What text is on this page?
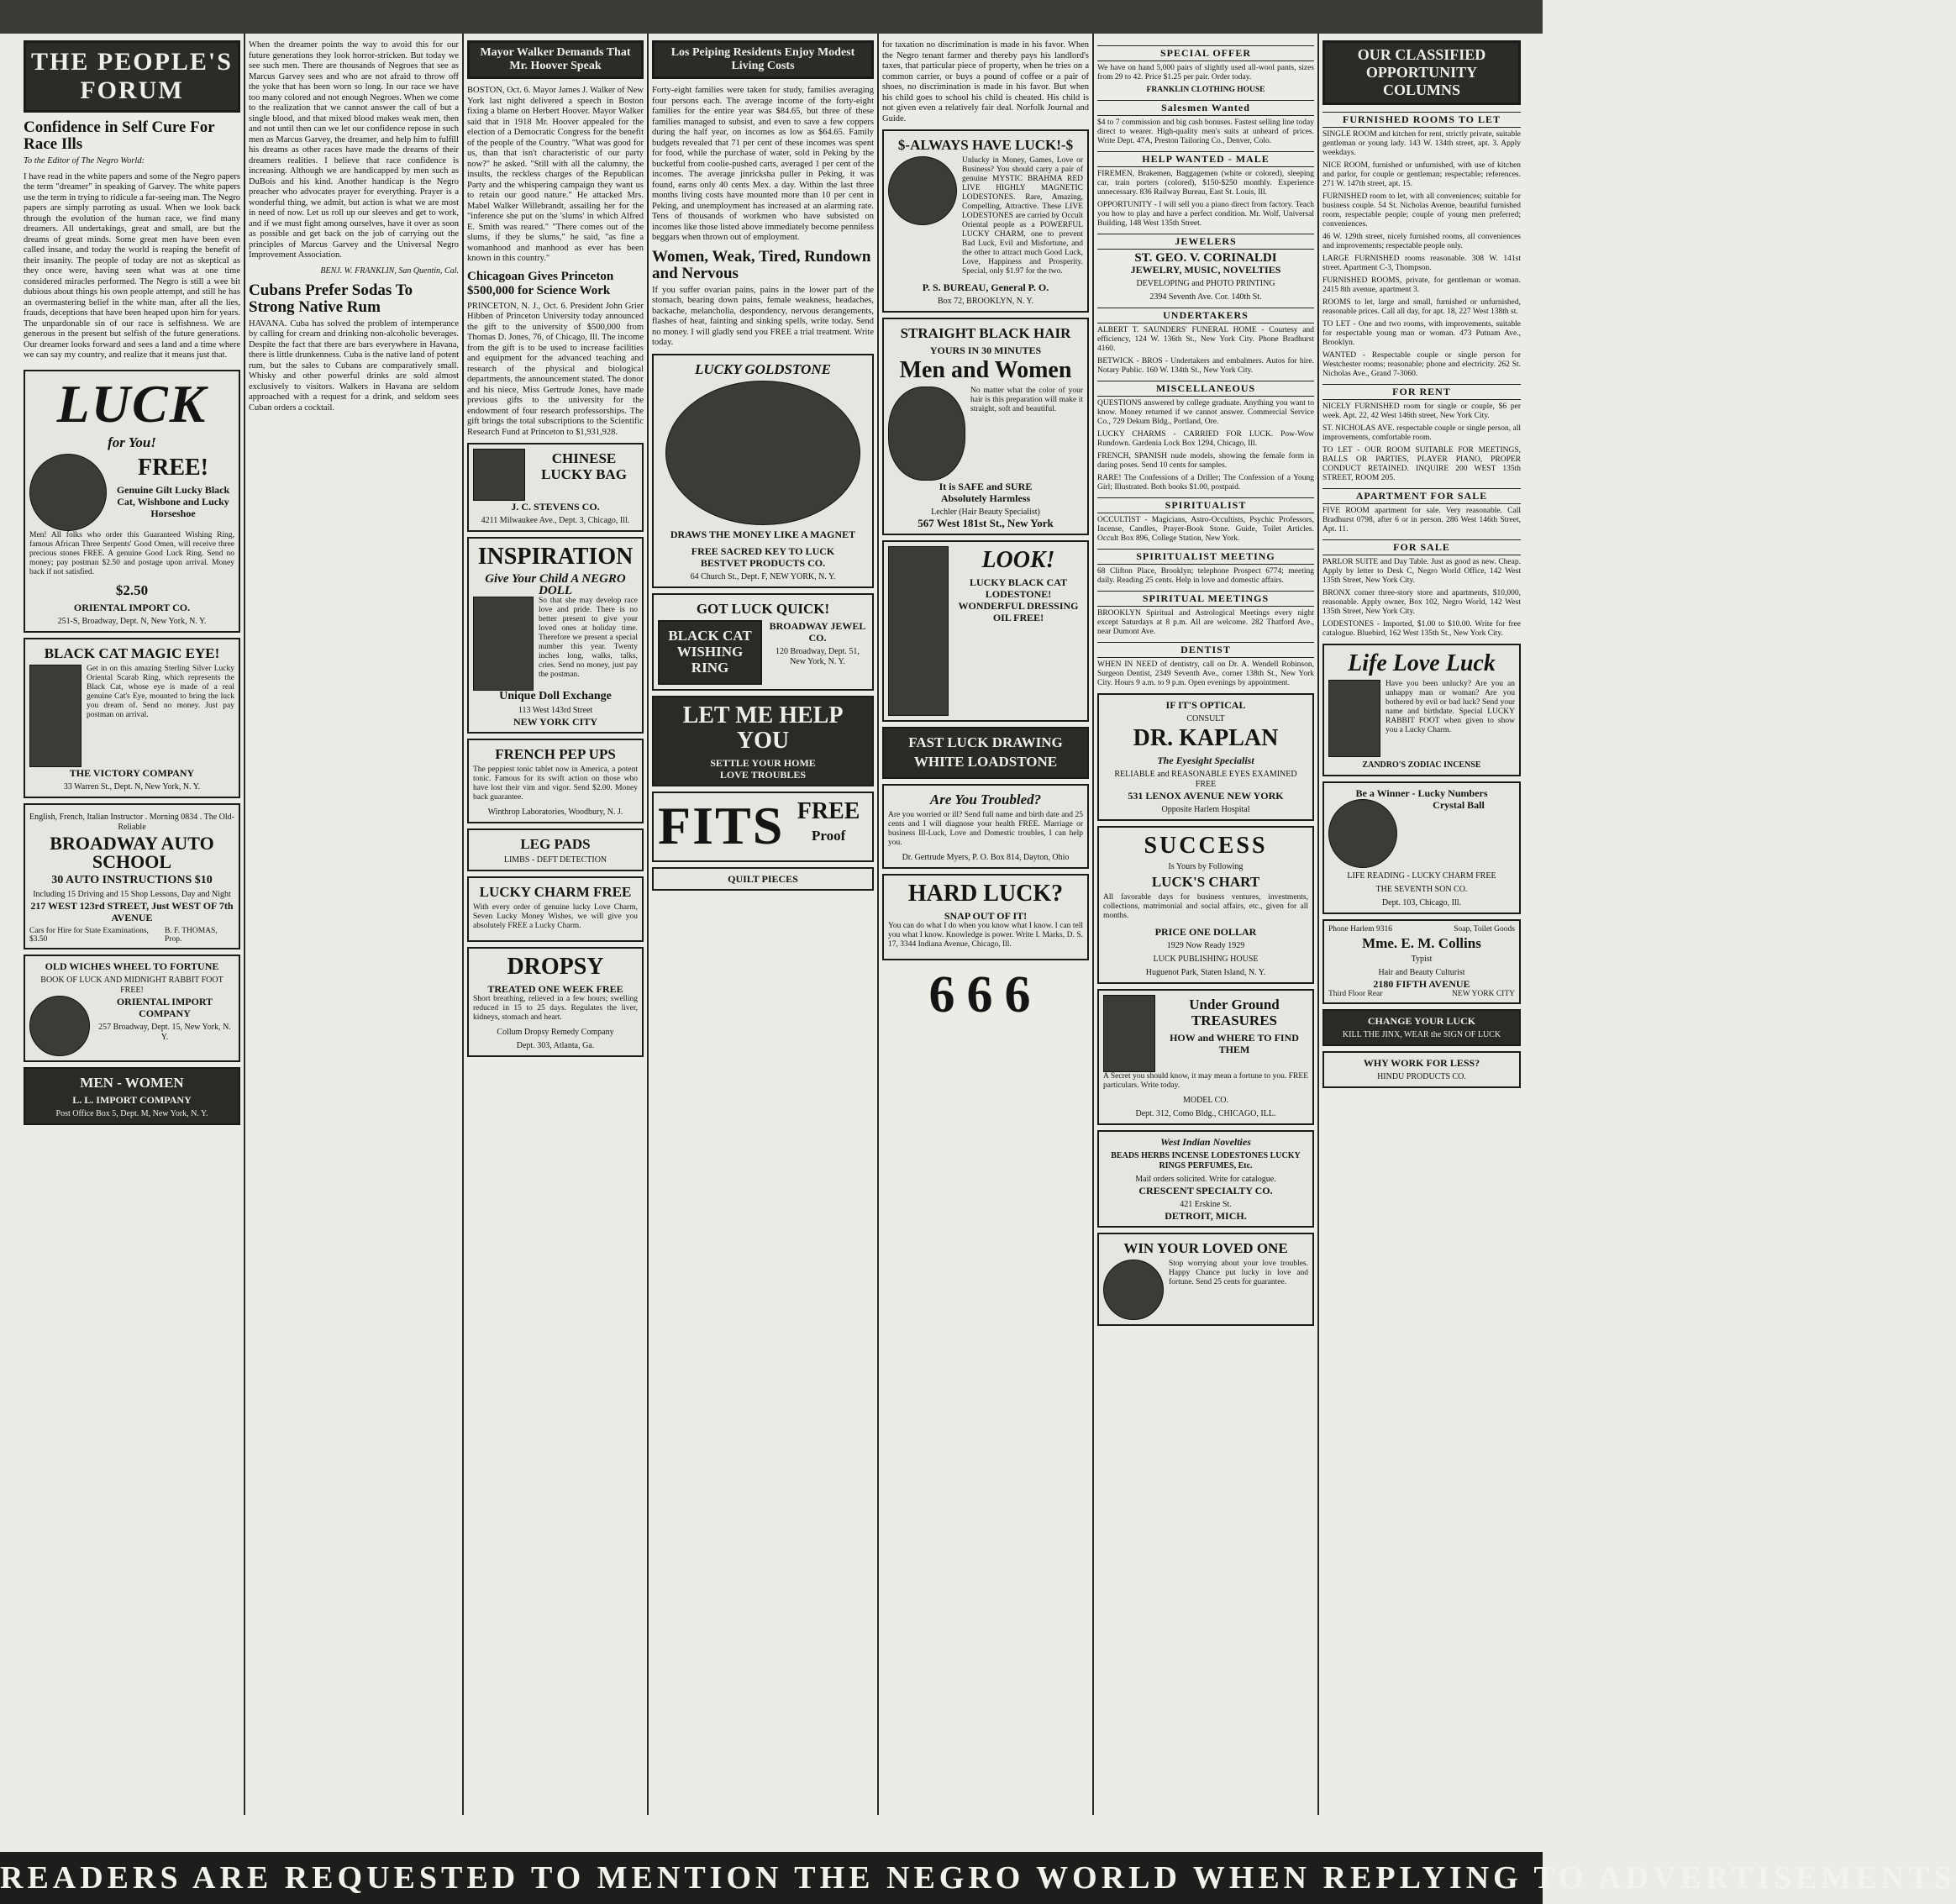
THE PEOPLE'S FORUM
Confidence in Self Cure For Race Ills

To the Editor of The Negro World:

I have read in the white papers and some of the Negro papers the term "dreamer" in speaking of Garvey. The white papers use the term in trying to ridicule a far-seeing man. The Negro papers are simply parroting as usual. When we look back through the evolution of the human race, we find many dreamers. All undertakings, great and small, are but the dreams of great minds. Some great men have been even called insane, and today the world is reaping the benefit of their insanity. The people of today are not as skeptical as they once were, having seen what was at one time considered miracles performed. The Negro is still a wee bit dubious about things his own people attempt, and still he has an overmastering belief in the white man, after all the lies, frauds, deceptions that have been heaped upon him for years. The unpardonable sin of our race is selfishness. We are generous in the present but selfish of the future generations. Our dreamer looks forward and sees a land and a time where we can say my country, and realize that it means just that.

LUCK
for You!
FREE!
Genuine Gilt Lucky Black Cat, Wishbone and Lucky Horseshoe

Men! All folks who order this Guaranteed Wishing Ring, famous African Three Serpents' Good Omen, will receive three precious stones FREE. A genuine Good Luck Ring. Send no money; pay postman $2.50 and postage upon arrival. Money back if not satisfied.

$2.50
ORIENTAL IMPORT CO.
251-S, Broadway, Dept. N, New York, N. Y.
BLACK CAT MAGIC EYE!

Get in on this amazing Sterling Silver Lucky Oriental Scarab Ring, which represents the Black Cat, whose eye is made of a real genuine Cat's Eye, mounted to bring the luck you dream of. Send no money. Just pay postman on arrival.

THE VICTORY COMPANY
33 Warren St., Dept. N, New York, N. Y.
English, French, Italian Instructor . Morning 0834 . The Old-Reliable
BROADWAY AUTO SCHOOL
30 AUTO INSTRUCTIONS $10
Including 15 Driving and 15 Shop Lessons, Day and Night
217 WEST 123rd STREET, Just WEST OF 7th AVENUE
Cars for Hire for State Examinations, $3.50
B. F. THOMAS, Prop.
OLD WICHES WHEEL TO FORTUNE
BOOK OF LUCK AND MIDNIGHT RABBIT FOOT FREE!
ORIENTAL IMPORT COMPANY
257 Broadway, Dept. 15, New York, N. Y.
MEN - WOMEN
L. L. IMPORT COMPANY
Post Office Box 5, Dept. M, New York, N. Y.

When the dreamer points the way to avoid this for our future generations they look horror-stricken. But today we see such men. There are thousands of Negroes that see as Marcus Garvey sees and who are not afraid to throw off the yoke that has been worn so long. In our race we have too many colored and not enough Negroes. When we come to the realization that we cannot answer the call of but a single blood, and that mixed blood makes weak men, then and not until then can we let our confidence repose in such men as Marcus Garvey, the dreamer, and help him to fulfill his dreams as other races have made the dreams of their dreamers realities. I believe that race confidence is increasing. Although we are handicapped by men such as DuBois and his kind. Another handicap is the Negro preacher who advocates prayer for everything. Prayer is a wonderful thing, we admit, but action is what we are most in need of now. Let us roll up our sleeves and get to work, and if we must fight among ourselves, have it over as soon as possible and get back on the job of carrying out the principles of Marcus Garvey and the Universal Negro Improvement Association.

BENJ. W. FRANKLIN, San Quentin, Cal.
Cubans Prefer Sodas To Strong Native Rum

HAVANA. Cuba has solved the problem of intemperance by calling for cream and drinking non-alcoholic beverages. Despite the fact that there are bars everywhere in Havana, there is little drunkenness. Cuba is the native land of potent rum, but the sales to Cubans are comparatively small. Whisky and other powerful drinks are sold almost exclusively to visitors. Walkers in Havana are seldom approached with a request for a drink, and seldom sees Cuban orders a cocktail.

Mayor Walker Demands That Mr. Hoover Speak

BOSTON, Oct. 6. Mayor James J. Walker of New York last night delivered a speech in Boston fixing a blame on Herbert Hoover. Mayor Walker said that in 1918 Mr. Hoover appealed for the election of a Democratic Congress for the benefit of the people of the Country. "What was good for us, than that isn't characteristic of our party now?" he asked. "Still with all the calumny, the insults, the reckless charges of the Republican Party and the whispering campaign they want us to retain our good nature." He attacked Mrs. Mabel Walker Willebrandt, assailing her for the "inference she put on the 'slums' in which Alfred E. Smith was reared." "There comes out of the slums, if they be slums," he said, "as fine a womanhood and manhood as ever has been known in this country."

Chicagoan Gives Princeton $500,000 for Science Work

PRINCETON, N. J., Oct. 6. President John Grier Hibben of Princeton University today announced the gift to the university of $500,000 from Thomas D. Jones, 76, of Chicago, Ill. The income from the gift is to be used to increase facilities and equipment for the advanced teaching and research of the physical and biological departments, the announcement stated. The donor and his niece, Miss Gertrude Jones, have made previous gifts to the university for the endowment of four research professorships. The gift brings the total subscriptions to the Scientific Research Fund at Princeton to $1,931,928.

CHINESE LUCKY BAG
J. C. STEVENS CO.
4211 Milwaukee Ave., Dept. 3, Chicago, Ill.
INSPIRATION
Give Your Child A NEGRO DOLL

So that she may develop race love and pride. There is no better present to give your loved ones at holiday time. Therefore we present a special number this year. Twenty inches long, walks, talks, cries. Send no money, just pay the postman.

Unique Doll Exchange
113 West 143rd Street
NEW YORK CITY
FRENCH PEP UPS

The peppiest tonic tablet now in America, a potent tonic. Famous for its swift action on those who have lost their vim and vigor. Send $2.00. Money back guarantee.

Winthrop Laboratories, Woodbury, N. J.
LEG PADS
LIMBS - DEFT DETECTION
LUCKY CHARM FREE

With every order of genuine lucky Love Charm, Seven Lucky Money Wishes, we will give you absolutely FREE a Lucky Charm.

DROPSY
TREATED ONE WEEK FREE

Short breathing, relieved in a few hours; swelling reduced in 15 to 25 days. Regulates the liver, kidneys, stomach and heart.

Collum Dropsy Remedy Company
Dept. 303, Atlanta, Ga.
Los Peiping Residents Enjoy Modest Living Costs

Forty-eight families were taken for study, families averaging four persons each. The average income of the forty-eight families for the entire year was $84.65, but three of these families managed to subsist, and even to save a few coppers during the half year, on incomes as low as $64.65. Family budgets revealed that 71 per cent of these incomes was spent for food, while the purchase of water, sold in Peking by the bucketful from coolie-pushed carts, averaged 1 per cent of the incomes. The average jinricksha puller in Peking, it was found, earns only 40 cents Mex. a day. Within the last three months living costs have mounted more than 10 per cent in Peking, and unemployment has increased at an alarming rate. Tens of thousands of workmen who have subsisted on incomes like those listed above immediately become penniless beggars when thrown out of employment.

Women, Weak, Tired, Rundown and Nervous

If you suffer ovarian pains, pains in the lower part of the stomach, bearing down pains, female weakness, headaches, backache, melancholia, despondency, nervous derangements, flashes of heat, fainting and sinking spells, write today. Send no money. I will gladly send you FREE a trial treatment. Write today.

LUCKY GOLDSTONE
DRAWS THE MONEY LIKE A MAGNET
FREE SACRED KEY TO LUCK
BESTVET PRODUCTS CO.
64 Church St., Dept. F, NEW YORK, N. Y.
GOT LUCK QUICK!
BLACK CAT WISHING RING
BROADWAY JEWEL CO.
120 Broadway, Dept. 51, New York, N. Y.
LET ME HELP YOU
SETTLE YOUR HOME
LOVE TROUBLES
FITS FREE
Proof
QUILT PIECES

for taxation no discrimination is made in his favor. When the Negro tenant farmer and thereby pays his landlord's taxes, that particular piece of property, when he tries on a common carrier, or buys a pound of coffee or a pair of shoes, no discrimination is made in his favor. But when his child goes to school his child is cheated. His child is not given even a relatively fair deal. Norfolk Journal and Guide.

$-ALWAYS HAVE LUCK!-$

Unlucky in Money, Games, Love or Business? You should carry a pair of genuine MYSTIC BRAHMA RED LIVE HIGHLY MAGNETIC LODESTONES. Rare, Amazing, Compelling, Attractive. These LIVE LODESTONES are carried by Occult Oriental people as a POWERFUL LUCKY CHARM, one to prevent Bad Luck, Evil and Misfortune, and the other to attract much Good Luck, Love, Happiness and Prosperity. Special, only $1.97 for the two.

P. S. BUREAU, General P. O.
Box 72, BROOKLYN, N. Y.
STRAIGHT BLACK HAIR
YOURS IN 30 MINUTES
Men and Women

No matter what the color of your hair is this preparation will make it straight, soft and beautiful.

It is SAFE and SURE
Absolutely Harmless
Lechler (Hair Beauty Specialist)
567 West 181st St., New York
LOOK!
LUCKY BLACK CAT LODESTONE! WONDERFUL DRESSING OIL FREE!
FAST LUCK DRAWING
WHITE LOADSTONE
Are You Troubled?

Are you worried or ill? Send full name and birth date and 25 cents and I will diagnose your health FREE. Marriage or business Ill-Luck, Love and Domestic troubles, I can help you.

Dr. Gertrude Myers, P. O. Box 814, Dayton, Ohio
HARD LUCK?
SNAP OUT OF IT!

You can do what I do when you know what I know. I can tell you what I know. Knowledge is power. Write I. Marks, D. S. 17, 3344 Indiana Avenue, Chicago, Ill.

666
SPECIAL OFFER

We have on hand 5,000 pairs of slightly used all-wool pants, sizes from 29 to 42. Price $1.25 per pair. Order today.

FRANKLIN CLOTHING HOUSE

Salesmen Wanted

$4 to 7 commission and big cash bonuses. Fastest selling line today direct to wearer. High-quality men's suits at unheard of prices. Write Dept. 47A, Preston Tailoring Co., Denver, Colo.

HELP WANTED - MALE

FIREMEN, Brakemen, Baggagemen (white or colored), sleeping car, train porters (colored), $150-$250 monthly. Experience unnecessary. 836 Railway Bureau, East St. Louis, Ill.

OPPORTUNITY - I will sell you a piano direct from factory. Teach you how to play and have a perfect condition. Mr. Wolf, Universal Building, 148 West 135th Street.

JEWELERS
ST. GEO. V. CORINALDI
JEWELRY, MUSIC, NOVELTIES
DEVELOPING and PHOTO PRINTING
2394 Seventh Ave. Cor. 140th St.
UNDERTAKERS

ALBERT T. SAUNDERS' FUNERAL HOME - Courtesy and efficiency, 124 W. 136th St., New York City. Phone Bradhurst 4160.

BETWICK - BROS - Undertakers and embalmers. Autos for hire. Notary Public. 160 W. 134th St., New York City.

MISCELLANEOUS

QUESTIONS answered by college graduate. Anything you want to know. Money returned if we cannot answer. Commercial Service Co., 729 Dekum Bldg., Portland, Ore.

LUCKY CHARMS - CARRIED FOR LUCK. Pow-Wow Rundown. Gardenia Lock Box 1294, Chicago, Ill.

FRENCH, SPANISH nude models, showing the female form in daring poses. Send 10 cents for samples.

RARE! The Confessions of a Driller; The Confession of a Young Girl; Illustrated. Both books $1.00, postpaid.

SPIRITUALIST

OCCULTIST - Magicians, Astro-Occultists, Psychic Professors, Incense, Candles, Prayer-Book Stone. Guide, Toilet Articles. Occult Box 896, College Station, New York.

SPIRITUALIST MEETING

68 Clifton Place, Brooklyn; telephone Prospect 6774; meeting daily. Reading 25 cents. Help in love and domestic affairs.

SPIRITUAL MEETINGS

BROOKLYN Spiritual and Astrological Meetings every night except Saturdays at 8 p.m. All are welcome. 282 Thatford Ave., near Dumont Ave.

DENTIST

WHEN IN NEED of dentistry, call on Dr. A. Wendell Robinson, Surgeon Dentist, 2349 Seventh Ave., corner 138th St., New York City. Hours 9 a.m. to 9 p.m. Open evenings by appointment.

IF IT'S OPTICAL
CONSULT
DR. KAPLAN
The Eyesight Specialist
RELIABLE and REASONABLE EYES EXAMINED FREE
531 LENOX AVENUE NEW YORK
Opposite Harlem Hospital
SUCCESS
Is Yours by Following
LUCK'S CHART

All favorable days for business ventures, investments, collections, matrimonial and social affairs, etc., given for all months.

PRICE ONE DOLLAR
1929 Now Ready 1929
LUCK PUBLISHING HOUSE
Huguenot Park, Staten Island, N. Y.
Under Ground TREASURES
HOW and WHERE TO FIND THEM

A Secret you should know, it may mean a fortune to you. FREE particulars. Write today.

MODEL CO.
Dept. 312, Como Bldg., CHICAGO, ILL.
West Indian Novelties
BEADS HERBS INCENSE LODESTONES LUCKY RINGS PERFUMES, Etc.
Mail orders solicited. Write for catalogue.
CRESCENT SPECIALTY CO.
421 Erskine St.
DETROIT, MICH.
WIN YOUR LOVED ONE

Stop worrying about your love troubles. Happy Chance put lucky in love and fortune. Send 25 cents for guarantee.

OUR CLASSIFIED OPPORTUNITY COLUMNS
FURNISHED ROOMS TO LET

SINGLE ROOM and kitchen for rent, strictly private, suitable gentleman or young lady. 143 W. 134th street, apt. 3. Apply weekdays.

NICE ROOM, furnished or unfurnished, with use of kitchen and parlor, for couple or gentleman; respectable; references. 271 W. 147th street, apt. 15.

FURNISHED room to let, with all conveniences; suitable for business couple. 54 St. Nicholas Avenue, beautiful furnished room, respectable people; couple of young men preferred; conveniences.

46 W. 129th street, nicely furnished rooms, all conveniences and improvements; respectable people only.

LARGE FURNISHED rooms reasonable. 308 W. 141st street. Apartment C-3, Thompson.

FURNISHED ROOMS, private, for gentleman or woman. 2415 8th avenue, apartment 3.

ROOMS to let, large and small, furnished or unfurnished, reasonable prices. Call all day, for apt. 18, 227 West 138th st.

TO LET - One and two rooms, with improvements, suitable for respectable young man or woman. 473 Putnam Ave., Brooklyn.

WANTED - Respectable couple or single person for Westchester rooms; reasonable; phone and electricity. 262 St. Nicholas Ave., Grand 7-3060.

FOR RENT

NICELY FURNISHED room for single or couple, $6 per week. Apt. 22, 42 West 146th street, New York City.

ST. NICHOLAS AVE. respectable couple or single person, all improvements, comfortable room.

TO LET - OUR ROOM SUITABLE FOR MEETINGS, BALLS OR PARTIES, PLAYER PIANO, PROPER CONDUCT RETAINED. INQUIRE 200 WEST 135th STREET, ROOM 205.

APARTMENT FOR SALE

FIVE ROOM apartment for sale. Very reasonable. Call Bradhurst 0798, after 6 or in person. 286 West 146th Street, Apt. 11.

FOR SALE

PARLOR SUITE and Day Table. Just as good as new. Cheap. Apply by letter to Desk C, Negro World Office, 142 West 135th Street, New York City.

BRONX corner three-story store and apartments, $10,000, reasonable. Apply owner, Box 102, Negro World, 142 West 135th Street, New York City.

LODESTONES - Imported, $1.00 to $10.00. Write for free catalogue. Bluebird, 162 West 135th St., New York City.

Life Love Luck

Have you been unlucky? Are you an unhappy man or woman? Are you bothered by evil or bad luck? Send your name and birthdate. Special LUCKY RABBIT FOOT when given to show you a Lucky Charm.

ZANDRO'S ZODIAC INCENSE
Be a Winner - Lucky Numbers
Crystal Ball
LIFE READING - LUCKY CHARM FREE
THE SEVENTH SON CO.
Dept. 103, Chicago, Ill.
Phone Harlem 9316	Soap, Toilet Goods
Mme. E. M. Collins
Typist
Hair and Beauty Culturist
2180 FIFTH AVENUE
Third Floor Rear	NEW YORK CITY
CHANGE YOUR LUCK
KILL THE JINX, WEAR the SIGN OF LUCK
WHY WORK FOR LESS?
HINDU PRODUCTS CO.
READERS ARE REQUESTED TO MENTION THE NEGRO WORLD WHEN REPLYING TO ADVERTISEMENTS
